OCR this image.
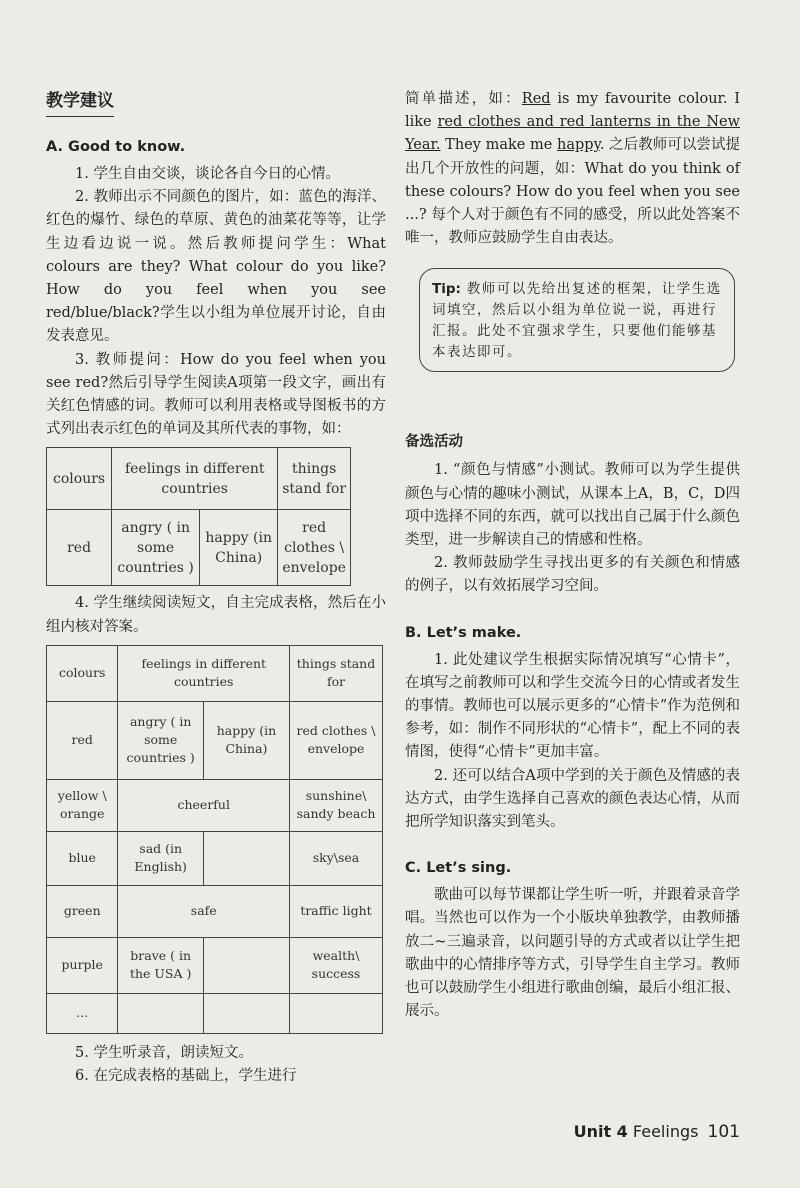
教学建议
A. Good to know.

1. 学生自由交谈，谈论各自今日的心情。

2. 教师出示不同颜色的图片，如：蓝色的海洋、红色的爆竹、绿色的草原、黄色的油菜花等等，让学生边看边说一说。然后教师提问学生：What colours are they? What colour do you like? How do you feel when you see red/blue/black?学生以小组为单位展开讨论，自由发表意见。

3. 教师提问：How do you feel when you see red?然后引导学生阅读A项第一段文字，画出有关红色情感的词。教师可以利用表格或导图板书的方式列出表示红色的单词及其所代表的事物，如：

colours	feelings in different countries		things stand for
red	angry ( in some countries )	happy (in China)	red clothes \ envelope

4. 学生继续阅读短文，自主完成表格，然后在小组内核对答案。

colours	feelings in different countries		things stand for
red	angry ( in some countries )	happy (in China)	red clothes \ envelope
yellow \ orange	cheerful		sunshine\ sandy beach
blue	sad (in English)		sky\sea
green	safe		traffic light
purple	brave ( in the USA )		wealth\ success
…			

5. 学生听录音，朗读短文。

6. 在完成表格的基础上，学生进行

简单描述，如：Red is my favourite colour. I like red clothes and red lanterns in the New Year. They make me happy. 之后教师可以尝试提出几个开放性的问题，如：What do you think of these colours? How do you feel when you see ...? 每个人对于颜色有不同的感受，所以此处答案不唯一，教师应鼓励学生自由表达。

Tip: 教师可以先给出复述的框架，让学生选词填空，然后以小组为单位说一说，再进行汇报。此处不宜强求学生，只要他们能够基本表达即可。
备选活动

1. “颜色与情感”小测试。教师可以为学生提供颜色与心情的趣味小测试，从课本上A，B，C，D四项中选择不同的东西，就可以找出自己属于什么颜色类型，进一步解读自己的情感和性格。

2. 教师鼓励学生寻找出更多的有关颜色和情感的例子，以有效拓展学习空间。

B. Let’s make.

1. 此处建议学生根据实际情况填写“心情卡”，在填写之前教师可以和学生交流今日的心情或者发生的事情。教师也可以展示更多的“心情卡”作为范例和参考，如：制作不同形状的“心情卡”，配上不同的表情图，使得“心情卡”更加丰富。

2. 还可以结合A项中学到的关于颜色及情感的表达方式，由学生选择自己喜欢的颜色表达心情，从而把所学知识落实到笔头。

C. Let’s sing.

歌曲可以每节课都让学生听一听，并跟着录音学唱。当然也可以作为一个小版块单独教学，由教师播放二~三遍录音，以问题引导的方式或者以让学生把歌曲中的心情排序等方式，引导学生自主学习。教师也可以鼓励学生小组进行歌曲创编，最后小组汇报、展示。

Unit 4 Feelings 101
